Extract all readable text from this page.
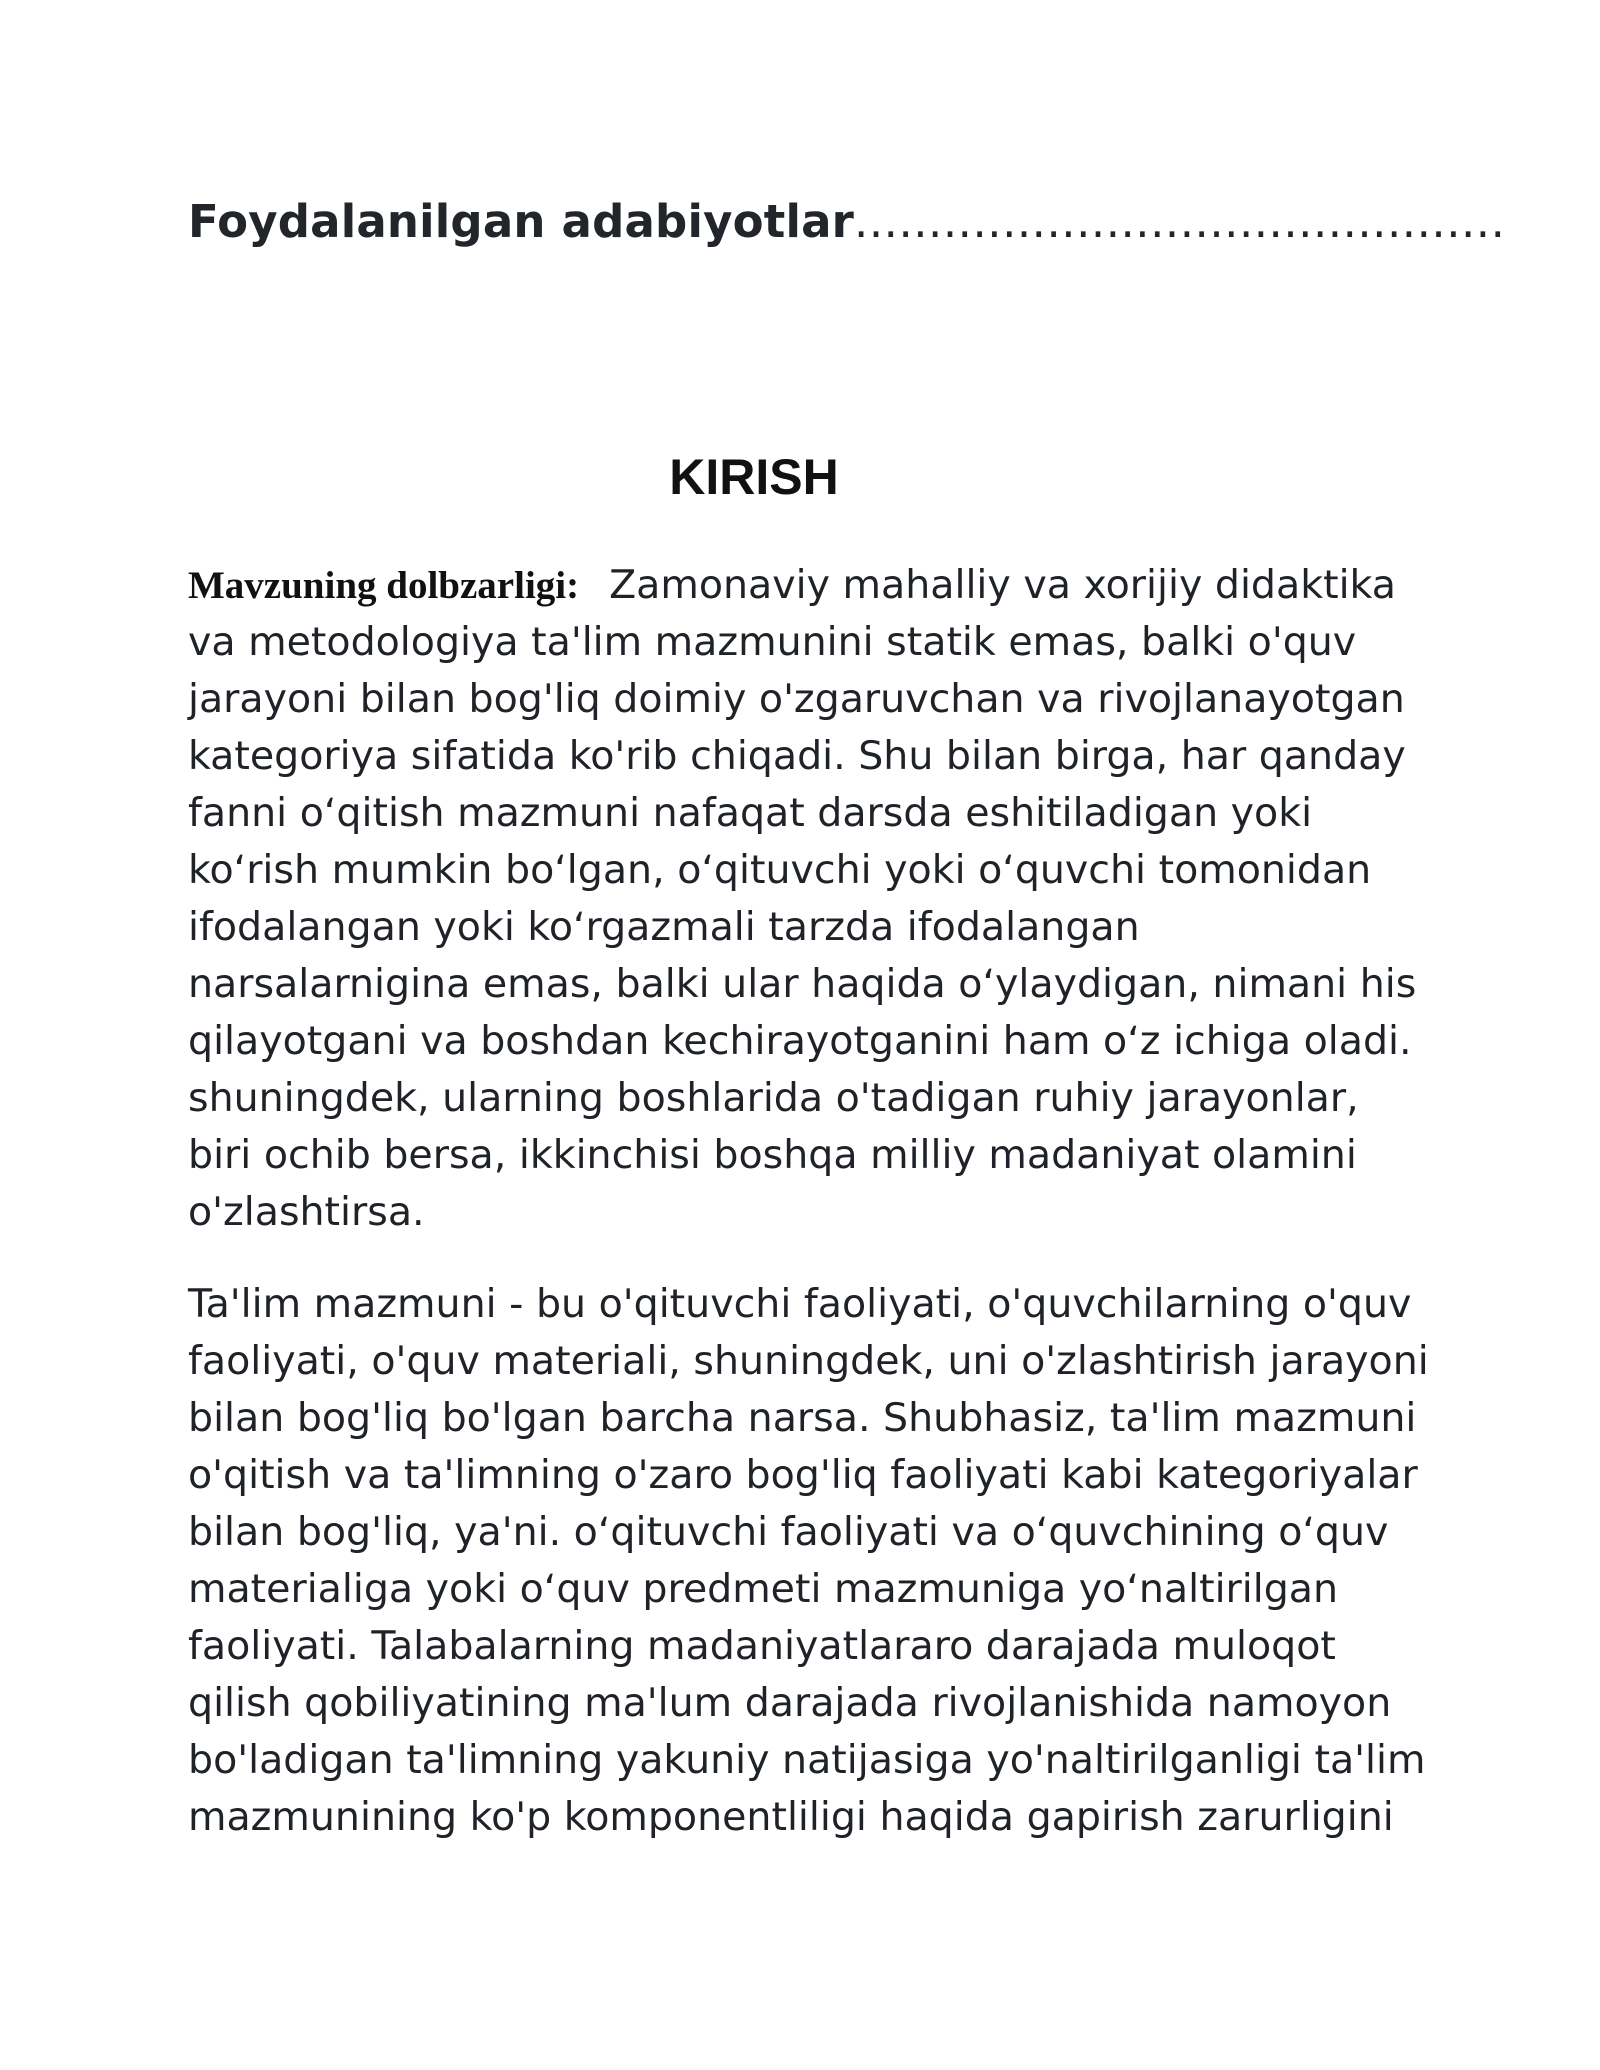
Foydalanilgan adabiyotlar............................................
KIRISH
Mavzuning dolbzarligi: Zamonaviy mahalliy va xorijiy didaktika
va metodologiya ta'lim mazmunini statik emas, balki o'quv
jarayoni bilan bog'liq doimiy o'zgaruvchan va rivojlanayotgan
kategoriya sifatida ko'rib chiqadi. Shu bilan birga, har qanday
fanni o‘qitish mazmuni nafaqat darsda eshitiladigan yoki
ko‘rish mumkin bo‘lgan, o‘qituvchi yoki o‘quvchi tomonidan
ifodalangan yoki ko‘rgazmali tarzda ifodalangan
narsalarnigina emas, balki ular haqida o‘ylaydigan, nimani his
qilayotgani va boshdan kechirayotganini ham o‘z ichiga oladi.
shuningdek, ularning boshlarida o'tadigan ruhiy jarayonlar,
biri ochib bersa, ikkinchisi boshqa milliy madaniyat olamini
o'zlashtirsa.
Ta'lim mazmuni - bu o'qituvchi faoliyati, o'quvchilarning o'quv
faoliyati, o'quv materiali, shuningdek, uni o'zlashtirish jarayoni
bilan bog'liq bo'lgan barcha narsa. Shubhasiz, ta'lim mazmuni
o'qitish va ta'limning o'zaro bog'liq faoliyati kabi kategoriyalar
bilan bog'liq, ya'ni. o‘qituvchi faoliyati va o‘quvchining o‘quv
materialiga yoki o‘quv predmeti mazmuniga yo‘naltirilgan
faoliyati. Talabalarning madaniyatlararo darajada muloqot
qilish qobiliyatining ma'lum darajada rivojlanishida namoyon
bo'ladigan ta'limning yakuniy natijasiga yo'naltirilganligi ta'lim
mazmunining ko'p komponentliligi haqida gapirish zarurligini
